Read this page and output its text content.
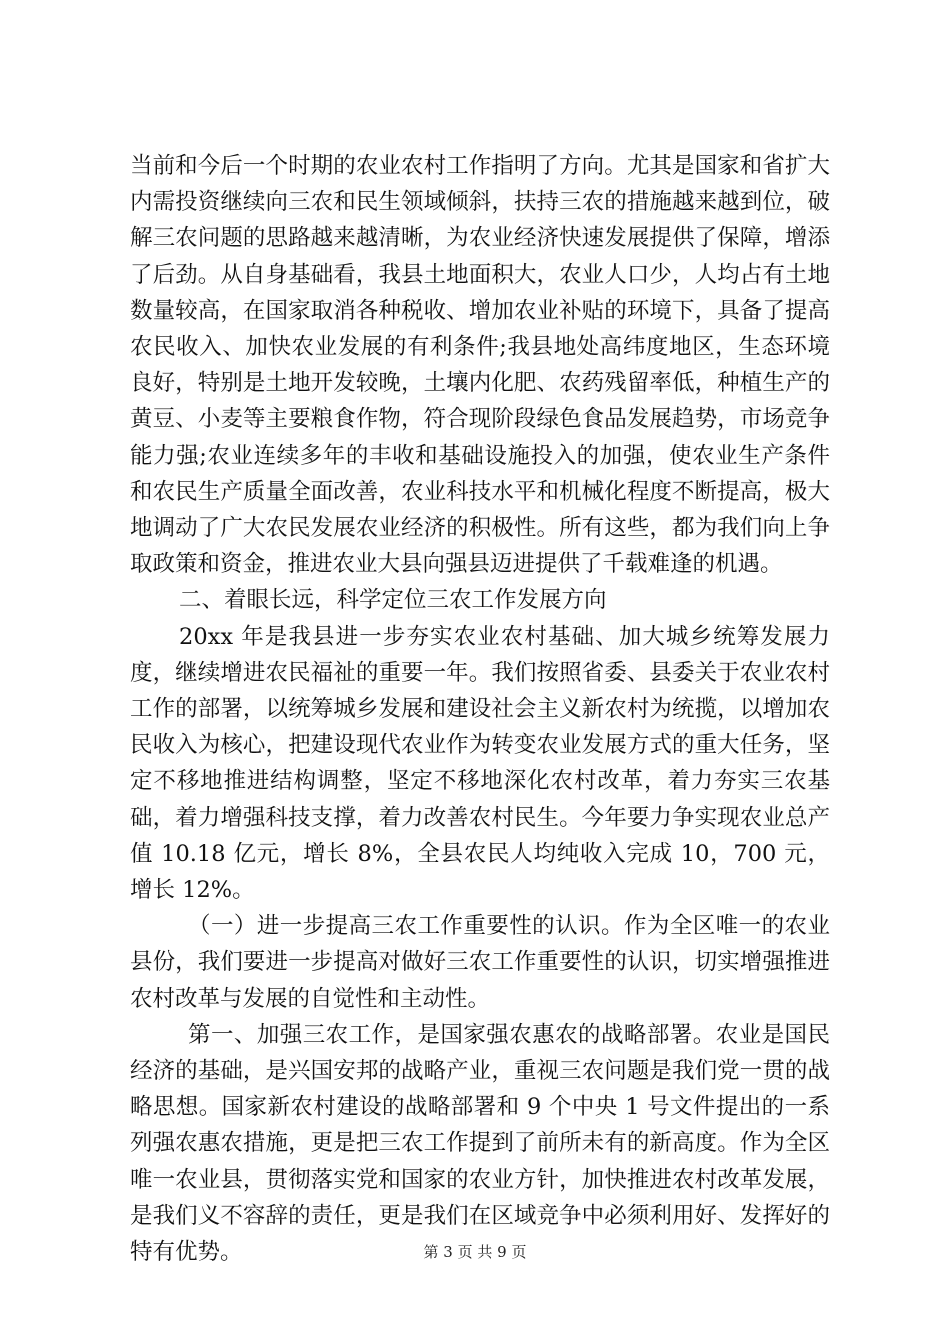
当前和今后一个时期的农业农村工作指明了方向。尤其是国家和省扩大内需投资继续向三农和民生领域倾斜，扶持三农的措施越来越到位，破解三农问题的思路越来越清晰，为农业经济快速发展提供了保障，增添了后劲。从自身基础看，我县土地面积大，农业人口少，人均占有土地数量较高，在国家取消各种税收、增加农业补贴的环境下，具备了提高农民收入、加快农业发展的有利条件;我县地处高纬度地区，生态环境良好，特别是土地开发较晚，土壤内化肥、农药残留率低，种植生产的黄豆、小麦等主要粮食作物，符合现阶段绿色食品发展趋势，市场竞争能力强;农业连续多年的丰收和基础设施投入的加强，使农业生产条件和农民生产质量全面改善，农业科技水平和机械化程度不断提高，极大地调动了广大农民发展农业经济的积极性。所有这些，都为我们向上争取政策和资金，推进农业大县向强县迈进提供了千载难逢的机遇。

二、着眼长远，科学定位三农工作发展方向

20xx 年是我县进一步夯实农业农村基础、加大城乡统筹发展力度，继续增进农民福祉的重要一年。我们按照省委、县委关于农业农村工作的部署，以统筹城乡发展和建设社会主义新农村为统揽，以增加农民收入为核心，把建设现代农业作为转变农业发展方式的重大任务，坚定不移地推进结构调整，坚定不移地深化农村改革，着力夯实三农基础，着力增强科技支撑，着力改善农村民生。今年要力争实现农业总产值 10.18 亿元，增长 8%，全县农民人均纯收入完成 10，700 元，增长 12%。

（一）进一步提高三农工作重要性的认识。作为全区唯一的农业县份，我们要进一步提高对做好三农工作重要性的认识，切实增强推进农村改革与发展的自觉性和主动性。

第一、加强三农工作，是国家强农惠农的战略部署。农业是国民经济的基础，是兴国安邦的战略产业，重视三农问题是我们党一贯的战略思想。国家新农村建设的战略部署和 9 个中央 1 号文件提出的一系列强农惠农措施，更是把三农工作提到了前所未有的新高度。作为全区唯一农业县，贯彻落实党和国家的农业方针，加快推进农村改革发展，是我们义不容辞的责任，更是我们在区域竞争中必须利用好、发挥好的特有优势。	第 3 页 共 9 页
